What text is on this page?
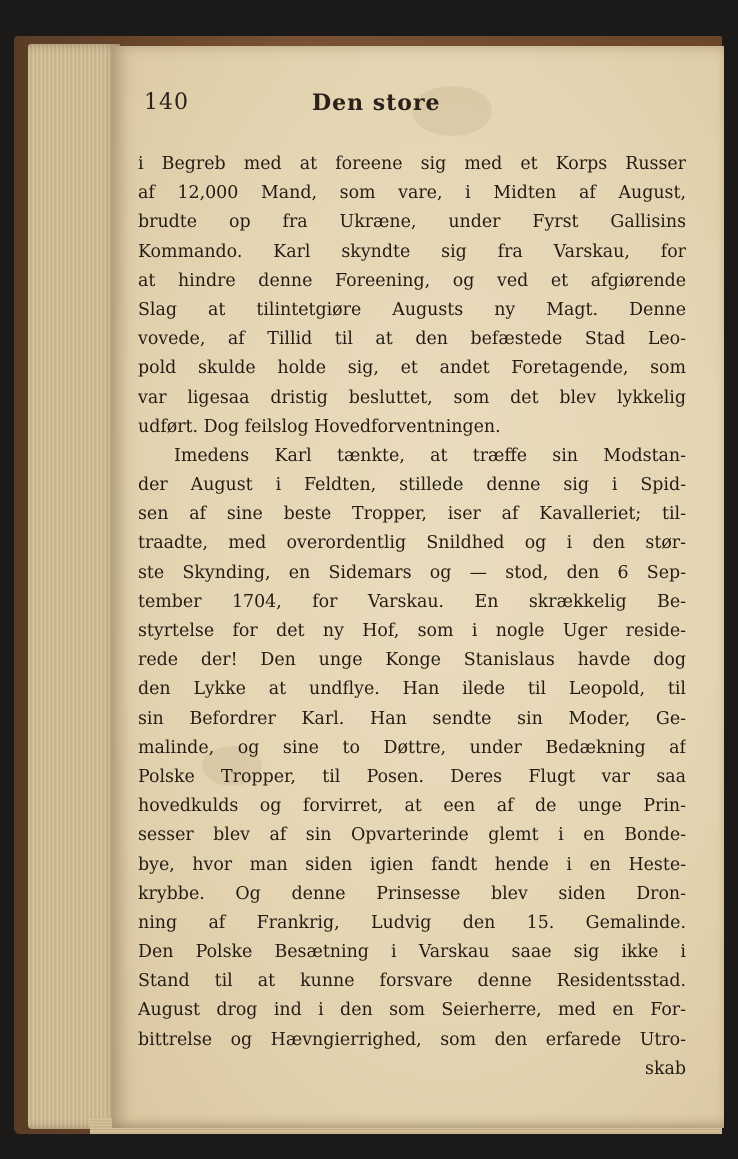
140	Den store
i Begreb med at foreene sig med et Korps Russer
af 12,000 Mand, som vare, i Midten af August,
brudte op fra Ukræne, under Fyrst Gallisins
Kommando. Karl skyndte sig fra Varskau, for
at hindre denne Foreening, og ved et afgiørende
Slag at tilintetgiøre Augusts ny Magt. Denne
vovede, af Tillid til at den befæstede Stad Leo-
pold skulde holde sig, et andet Foretagende, som
var ligesaa dristig besluttet, som det blev lykkelig
udført. Dog feilslog Hovedforventningen.
Imedens Karl tænkte, at træffe sin Modstan-
der August i Feldten, stillede denne sig i Spid-
sen af sine beste Tropper, iser af Kavalleriet; til-
traadte, med overordentlig Snildhed og i den stør-
ste Skynding, en Sidemars og — stod, den 6 Sep-
tember 1704, for Varskau. En skrækkelig Be-
styrtelse for det ny Hof, som i nogle Uger reside-
rede der! Den unge Konge Stanislaus havde dog
den Lykke at undflye. Han ilede til Leopold, til
sin Befordrer Karl. Han sendte sin Moder, Ge-
malinde, og sine to Døttre, under Bedækning af
Polske Tropper, til Posen. Deres Flugt var saa
hovedkulds og forvirret, at een af de unge Prin-
sesser blev af sin Opvarterinde glemt i en Bonde-
bye, hvor man siden igien fandt hende i en Heste-
krybbe. Og denne Prinsesse blev siden Dron-
ning af Frankrig, Ludvig den 15. Gemalinde.
Den Polske Besætning i Varskau saae sig ikke i
Stand til at kunne forsvare denne Residentsstad.
August drog ind i den som Seierherre, med en For-
bittrelse og Hævngierrighed, som den erfarede Utro-
skab
